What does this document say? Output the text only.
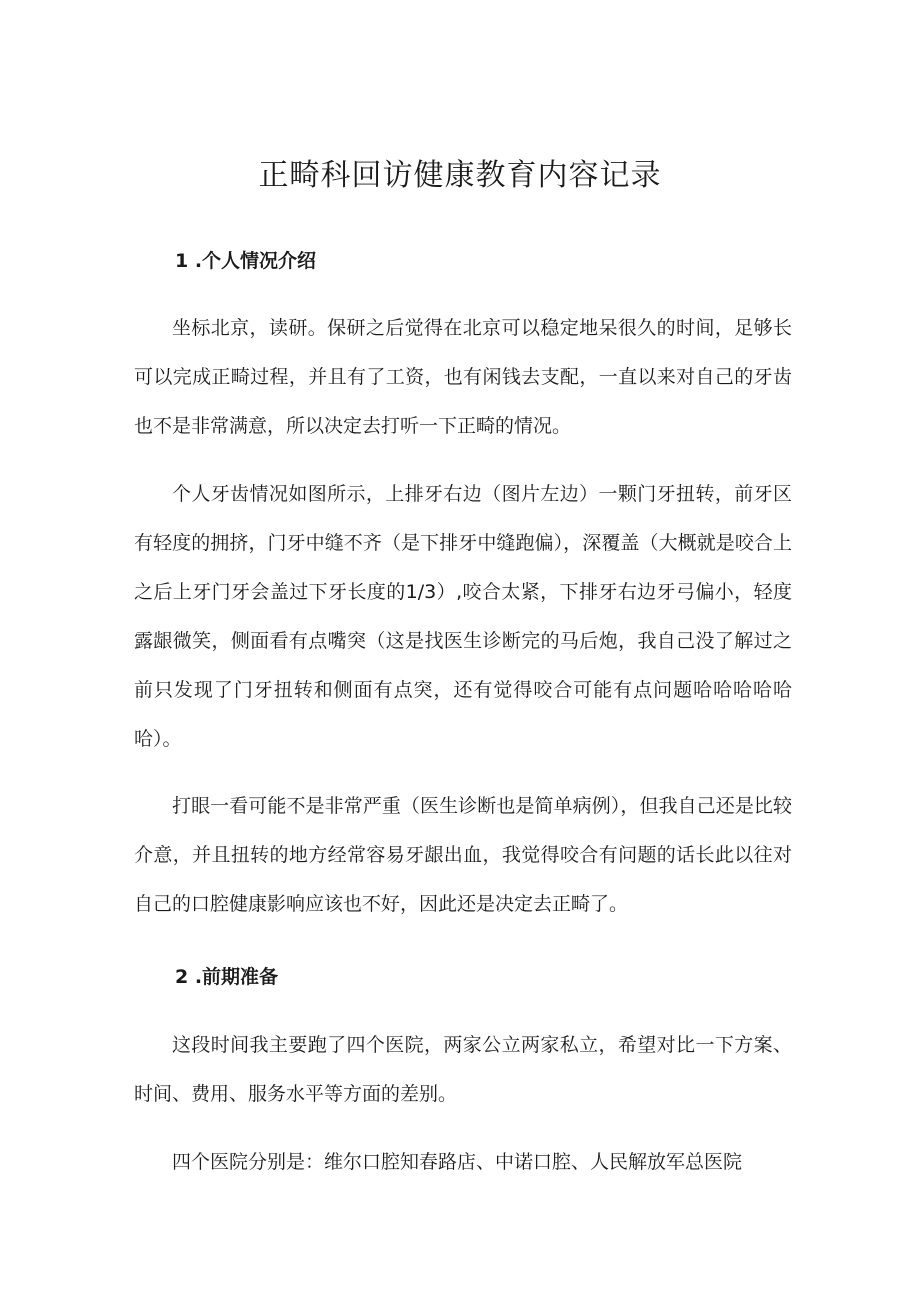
正畸科回访健康教育内容记录
1 .个人情况介绍

坐标北京，读研。保研之后觉得在北京可以稳定地呆很久的时间，足够长可以完成正畸过程，并且有了工资，也有闲钱去支配，一直以来对自己的牙齿也不是非常满意，所以决定去打听一下正畸的情况。

个人牙齿情况如图所示，上排牙右边（图片左边）一颗门牙扭转，前牙区有轻度的拥挤，门牙中缝不齐（是下排牙中缝跑偏），深覆盖（大概就是咬合上之后上牙门牙会盖过下牙长度的1/3）,咬合太紧，下排牙右边牙弓偏小，轻度露龈微笑，侧面看有点嘴突（这是找医生诊断完的马后炮，我自己没了解过之前只发现了门牙扭转和侧面有点突，还有觉得咬合可能有点问题哈哈哈哈哈哈）。

打眼一看可能不是非常严重（医生诊断也是简单病例），但我自己还是比较介意，并且扭转的地方经常容易牙龈出血，我觉得咬合有问题的话长此以往对自己的口腔健康影响应该也不好，因此还是决定去正畸了。

2 .前期准备

这段时间我主要跑了四个医院，两家公立两家私立，希望对比一下方案、时间、费用、服务水平等方面的差别。

四个医院分别是：维尔口腔知春路店、中诺口腔、人民解放军总医院
